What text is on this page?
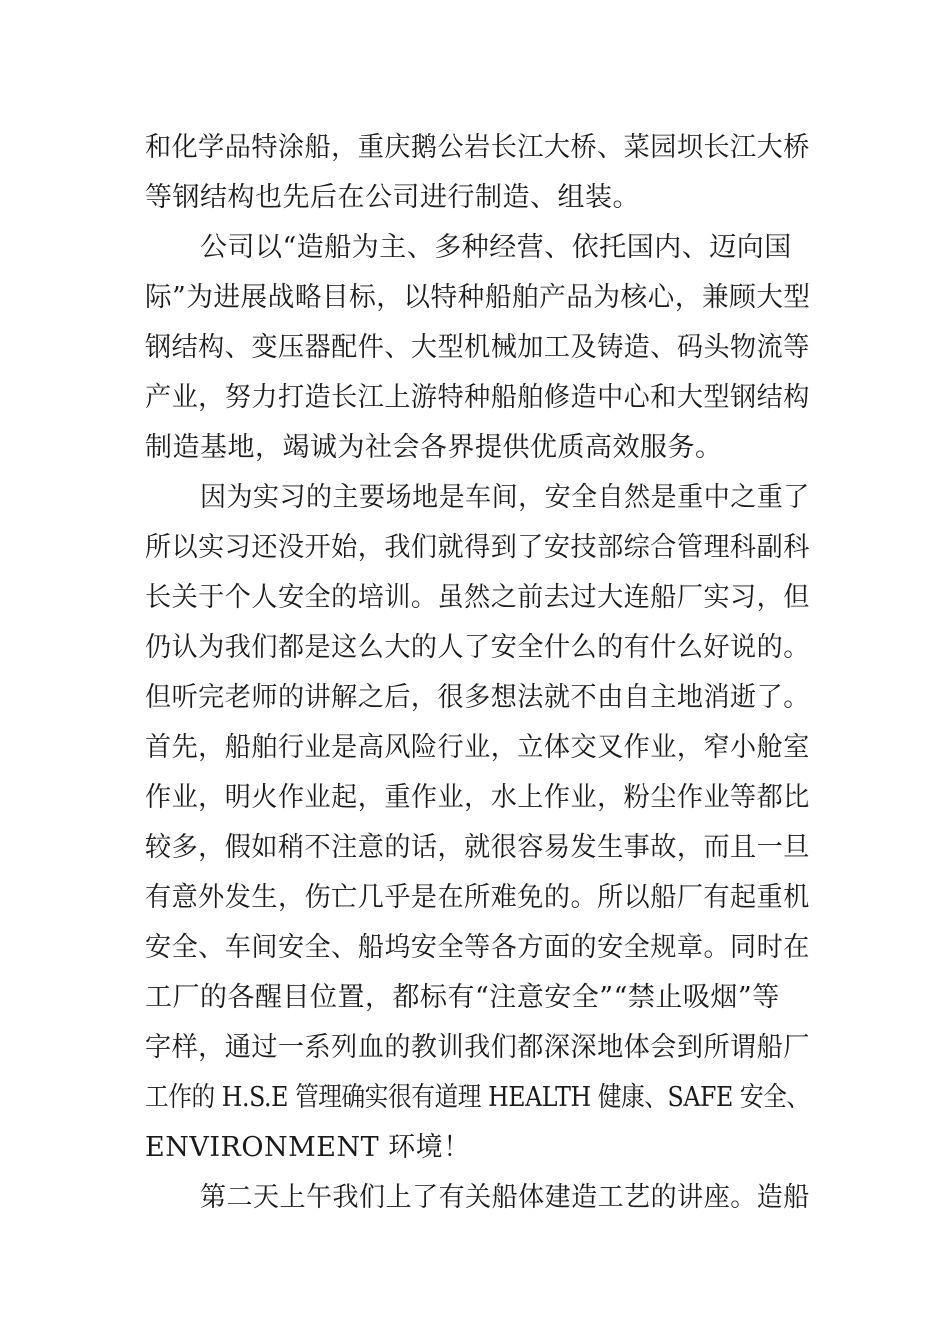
和化学品特涂船，重庆鹅公岩长江大桥、菜园坝长江大桥
等钢结构也先后在公司进行制造、组装。
公司以“造船为主、多种经营、依托国内、迈向国
际”为进展战略目标，以特种船舶产品为核心，兼顾大型
钢结构、变压器配件、大型机械加工及铸造、码头物流等
产业，努力打造长江上游特种船舶修造中心和大型钢结构
制造基地，竭诚为社会各界提供优质高效服务。
因为实习的主要场地是车间，安全自然是重中之重了
所以实习还没开始，我们就得到了安技部综合管理科副科
长关于个人安全的培训。虽然之前去过大连船厂实习，但
仍认为我们都是这么大的人了安全什么的有什么好说的。
但听完老师的讲解之后，很多想法就不由自主地消逝了。
首先，船舶行业是高风险行业，立体交叉作业，窄小舱室
作业，明火作业起，重作业，水上作业，粉尘作业等都比
较多，假如稍不注意的话，就很容易发生事故，而且一旦
有意外发生，伤亡几乎是在所难免的。所以船厂有起重机
安全、车间安全、船坞安全等各方面的安全规章。同时在
工厂的各醒目位置，都标有“注意安全”“禁止吸烟”等
字样，通过一系列血的教训我们都深深地体会到所谓船厂
工作的 H.S.E 管理确实很有道理 HEALTH 健康、SAFE 安全、
ENVIRONMENT 环境！
第二天上午我们上了有关船体建造工艺的讲座。造船
